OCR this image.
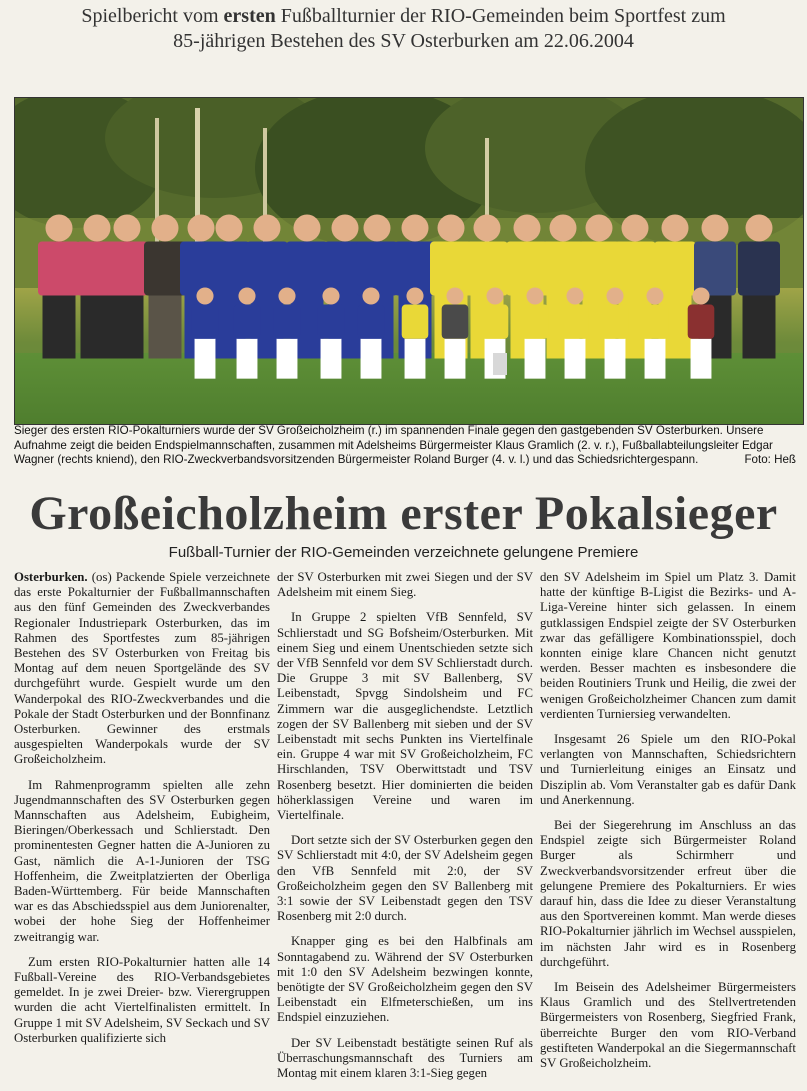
Spielbericht vom ersten Fußballturnier der RIO-Gemeinden beim Sportfest zum
85-jährigen Bestehen des SV Osterburken am 22.06.2004
Sieger des ersten RIO-Pokalturniers wurde der SV Großeicholzheim (r.) im spannenden Finale gegen den gastgebenden SV Osterburken. Unsere Aufnahme zeigt die beiden Endspielmannschaften, zusammen mit Adelsheims Bürgermeister Klaus Gramlich (2. v. r.), Fußballabteilungsleiter Edgar Wagner (rechts kniend), den RIO-Zweckverbandsvorsitzenden Bürgermeister Roland Burger (4. v. l.) und das Schiedsrichtergespann.	Foto: Heß
Großeicholzheim erster Pokalsieger
Fußball-Turnier der RIO-Gemeinden verzeichnete gelungene Premiere

Osterburken. (os) Packende Spiele verzeichnete das erste Pokalturnier der Fußballmannschaften aus den fünf Gemeinden des Zweckverbandes Regionaler Industriepark Osterburken, das im Rahmen des Sportfestes zum 85-jährigen Bestehen des SV Osterburken von Freitag bis Montag auf dem neuen Sportgelände des SV durchgeführt wurde. Gespielt wurde um den Wanderpokal des RIO-Zweckverbandes und die Pokale der Stadt Osterburken und der Bonnfinanz Osterburken. Gewinner des erstmals ausgespielten Wanderpokals wurde der SV Großeicholzheim.

Im Rahmenprogramm spielten alle zehn Jugendmannschaften des SV Osterburken gegen Mannschaften aus Adelsheim, Eubigheim, Bieringen/Oberkessach und Schlierstadt. Den prominentesten Gegner hatten die A-Junioren zu Gast, nämlich die A-1-Junioren der TSG Hoffenheim, die Zweitplatzierten der Oberliga Baden-Württemberg. Für beide Mannschaften war es das Abschiedsspiel aus dem Juniorenalter, wobei der hohe Sieg der Hoffenheimer zweitrangig war.

Zum ersten RIO-Pokalturnier hatten alle 14 Fußball-Vereine des RIO-Verbandsgebietes gemeldet. In je zwei Dreier- bzw. Vierergruppen wurden die acht Viertelfinalisten ermittelt. In Gruppe 1 mit SV Adelsheim, SV Seckach und SV Osterburken qualifizierte sich

der SV Osterburken mit zwei Siegen und der SV Adelsheim mit einem Sieg.

In Gruppe 2 spielten VfB Sennfeld, SV Schlierstadt und SG Bofsheim/Osterburken. Mit einem Sieg und einem Unentschieden setzte sich der VfB Sennfeld vor dem SV Schlierstadt durch. Die Gruppe 3 mit SV Ballenberg, SV Leibenstadt, Spvgg Sindolsheim und FC Zimmern war die ausgeglichendste. Letztlich zogen der SV Ballenberg mit sieben und der SV Leibenstadt mit sechs Punkten ins Viertelfinale ein. Gruppe 4 war mit SV Großeicholzheim, FC Hirschlanden, TSV Oberwittstadt und TSV Rosenberg besetzt. Hier dominierten die beiden höherklassigen Vereine und waren im Viertelfinale.

Dort setzte sich der SV Osterburken gegen den SV Schlierstadt mit 4:0, der SV Adelsheim gegen den VfB Sennfeld mit 2:0, der SV Großeicholzheim gegen den SV Ballenberg mit 3:1 sowie der SV Leibenstadt gegen den TSV Rosenberg mit 2:0 durch.

Knapper ging es bei den Halbfinals am Sonntagabend zu. Während der SV Osterburken mit 1:0 den SV Adelsheim bezwingen konnte, benötigte der SV Großeicholzheim gegen den SV Leibenstadt ein Elfmeterschießen, um ins Endspiel einzuziehen.

Der SV Leibenstadt bestätigte seinen Ruf als Überraschungsmannschaft des Turniers am Montag mit einem klaren 3:1-Sieg gegen

den SV Adelsheim im Spiel um Platz 3. Damit hatte der künftige B-Ligist die Bezirks- und A-Liga-Vereine hinter sich gelassen. In einem gutklassigen Endspiel zeigte der SV Osterburken zwar das gefälligere Kombinationsspiel, doch konnten einige klare Chancen nicht genutzt werden. Besser machten es insbesondere die beiden Routiniers Trunk und Heilig, die zwei der wenigen Großeicholzheimer Chancen zum damit verdienten Turniersieg verwandelten.

Insgesamt 26 Spiele um den RIO-Pokal verlangten von Mannschaften, Schiedsrichtern und Turnierleitung einiges an Einsatz und Disziplin ab. Vom Veranstalter gab es dafür Dank und Anerkennung.

Bei der Siegerehrung im Anschluss an das Endspiel zeigte sich Bürgermeister Roland Burger als Schirmherr und Zweckverbandsvorsitzender erfreut über die gelungene Premiere des Pokalturniers. Er wies darauf hin, dass die Idee zu dieser Veranstaltung aus den Sportvereinen kommt. Man werde dieses RIO-Pokalturnier jährlich im Wechsel ausspielen, im nächsten Jahr wird es in Rosenberg durchgeführt.

Im Beisein des Adelsheimer Bürgermeisters Klaus Gramlich und des Stellvertretenden Bürgermeisters von Rosenberg, Siegfried Frank, überreichte Burger den vom RIO-Verband gestifteten Wanderpokal an die Siegermannschaft SV Großeicholzheim.
